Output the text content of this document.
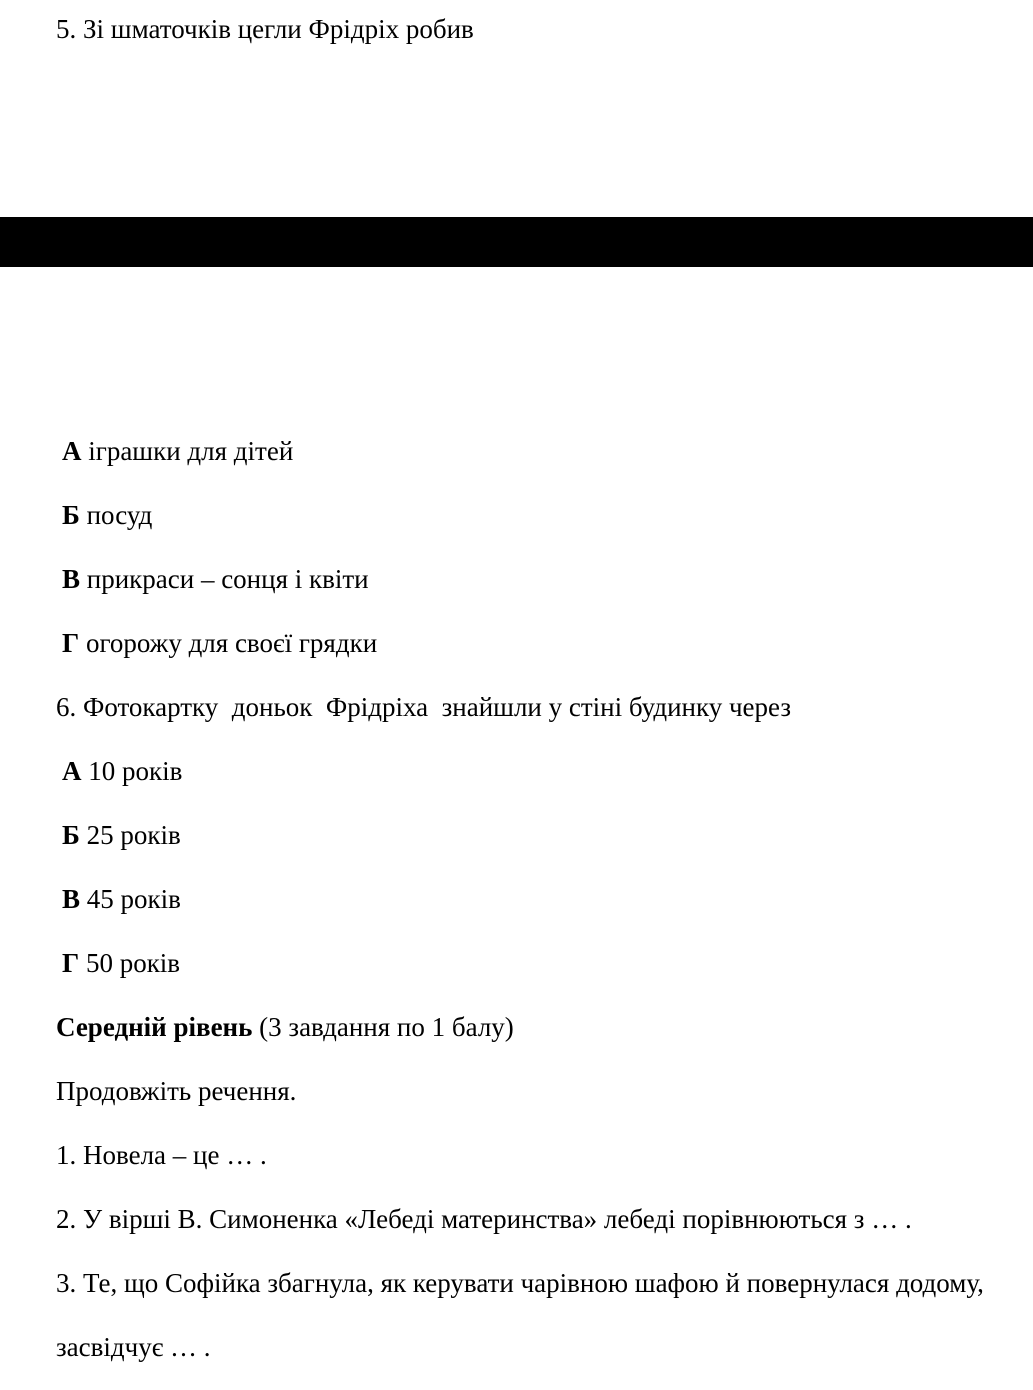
5. Зі шматочків цегли Фрідріх робив
А іграшки для дітей
Б посуд
В прикраси – сонця і квіти
Г огорожу для своєї грядки
6. Фотокартку  доньок  Фрідріха  знайшли у стіні будинку через
А 10 років
Б 25 років
В 45 років
Г 50 років
Середній рівень (3 завдання по 1 балу)
Продовжіть речення.
1. Новела – це … .
2. У вірші В. Симоненка «Лебеді материнства» лебеді порівнюються з … .
3. Те, що Софійка збагнула, як керувати чарівною шафою й повернулася додому,
засвідчує … .
